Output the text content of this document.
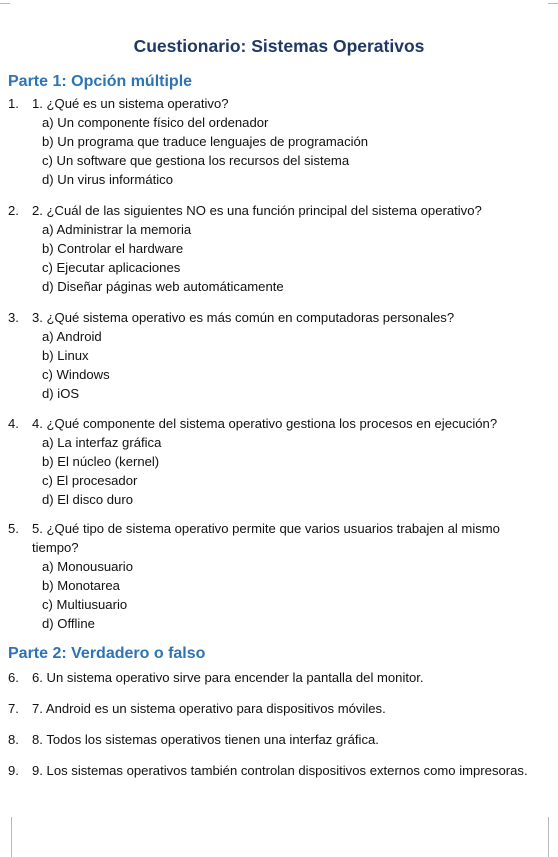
Cuestionario: Sistemas Operativos
Parte 1: Opción múltiple
1. 1. ¿Qué es un sistema operativo?
a) Un componente físico del ordenador
b) Un programa que traduce lenguajes de programación
c) Un software que gestiona los recursos del sistema
d) Un virus informático
2. 2. ¿Cuál de las siguientes NO es una función principal del sistema operativo?
a) Administrar la memoria
b) Controlar el hardware
c) Ejecutar aplicaciones
d) Diseñar páginas web automáticamente
3. 3. ¿Qué sistema operativo es más común en computadoras personales?
a) Android
b) Linux
c) Windows
d) iOS
4. 4. ¿Qué componente del sistema operativo gestiona los procesos en ejecución?
a) La interfaz gráfica
b) El núcleo (kernel)
c) El procesador
d) El disco duro
5. 5. ¿Qué tipo de sistema operativo permite que varios usuarios trabajen al mismo tiempo?
a) Monousuario
b) Monotarea
c) Multiusuario
d) Offline
Parte 2: Verdadero o falso
6. 6. Un sistema operativo sirve para encender la pantalla del monitor.
7. 7. Android es un sistema operativo para dispositivos móviles.
8. 8. Todos los sistemas operativos tienen una interfaz gráfica.
9. 9. Los sistemas operativos también controlan dispositivos externos como impresoras.
